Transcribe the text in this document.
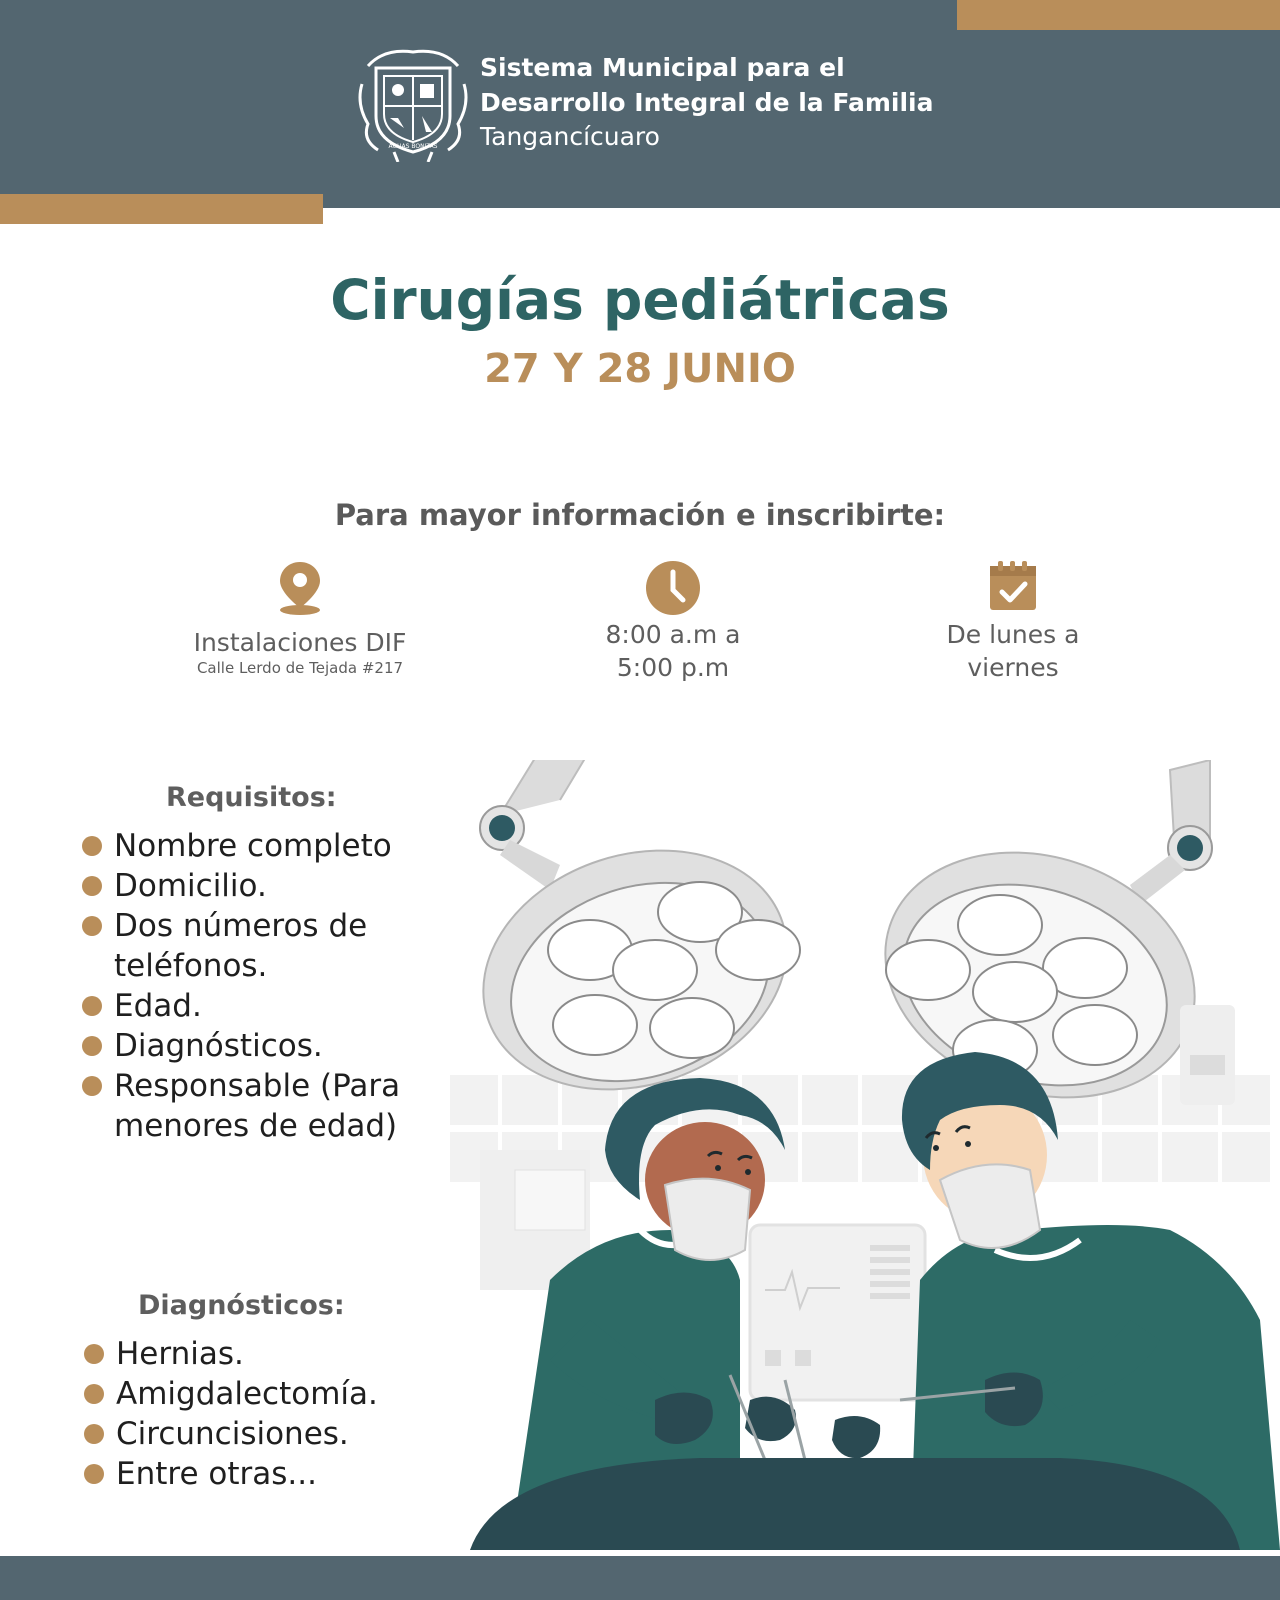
AGUAS BONITAS
Sistema Municipal para el
Desarrollo Integral de la Familia
Tangancícuaro
Cirugías pediátricas
27 Y 28 JUNIO
Para mayor información e inscribirte:
Instalaciones DIF
Calle Lerdo de Tejada #217
8:00 a.m a
5:00 p.m
De lunes a
viernes
Requisitos:
Nombre completo
Domicilio.
Dos números de teléfonos.
Edad.
Diagnósticos.
Responsable (Para menores de edad)
Diagnósticos:
Hernias.
Amigdalectomía.
Circuncisiones.
Entre otras...
